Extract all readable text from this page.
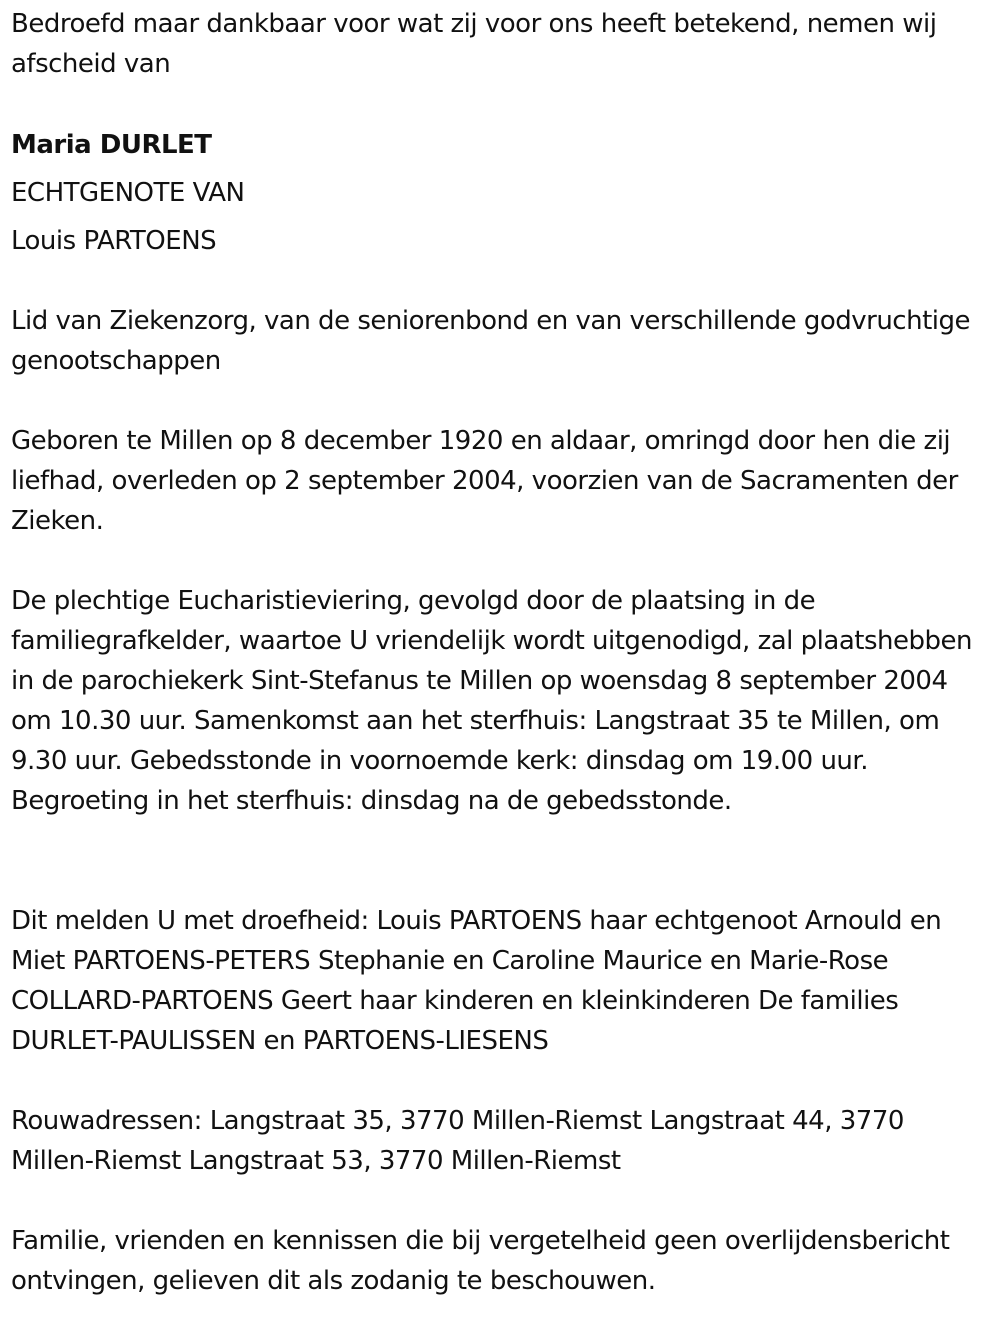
Bedroefd maar dankbaar voor wat zij voor ons heeft betekend, nemen wij afscheid van

Maria DURLET

ECHTGENOTE VAN

Louis PARTOENS

Lid van Ziekenzorg, van de seniorenbond en van verschillende godvruchtige genootschappen

Geboren te Millen op 8 december 1920 en aldaar, omringd door hen die zij liefhad, overleden op 2 september 2004, voorzien van de Sacramenten der Zieken.

De plechtige Eucharistieviering, gevolgd door de plaatsing in de familiegrafkelder, waartoe U vriendelijk wordt uitgenodigd, zal plaatshebben in de parochiekerk Sint-Stefanus te Millen op woensdag 8 september 2004 om 10.30 uur. Samenkomst aan het sterfhuis: Langstraat 35 te Millen, om 9.30 uur. Gebedsstonde in voornoemde kerk: dinsdag om 19.00 uur. Begroeting in het sterfhuis: dinsdag na de gebedsstonde.

Dit melden U met droefheid: Louis PARTOENS haar echtgenoot Arnould en Miet PARTOENS-PETERS Stephanie en Caroline Maurice en Marie-Rose COLLARD-PARTOENS Geert haar kinderen en kleinkinderen De families DURLET-PAULISSEN en PARTOENS-LIESENS

Rouwadressen: Langstraat 35, 3770 Millen-Riemst Langstraat 44, 3770 Millen-Riemst Langstraat 53, 3770 Millen-Riemst

Familie, vrienden en kennissen die bij vergetelheid geen overlijdensbericht ontvingen, gelieven dit als zodanig te beschouwen.
